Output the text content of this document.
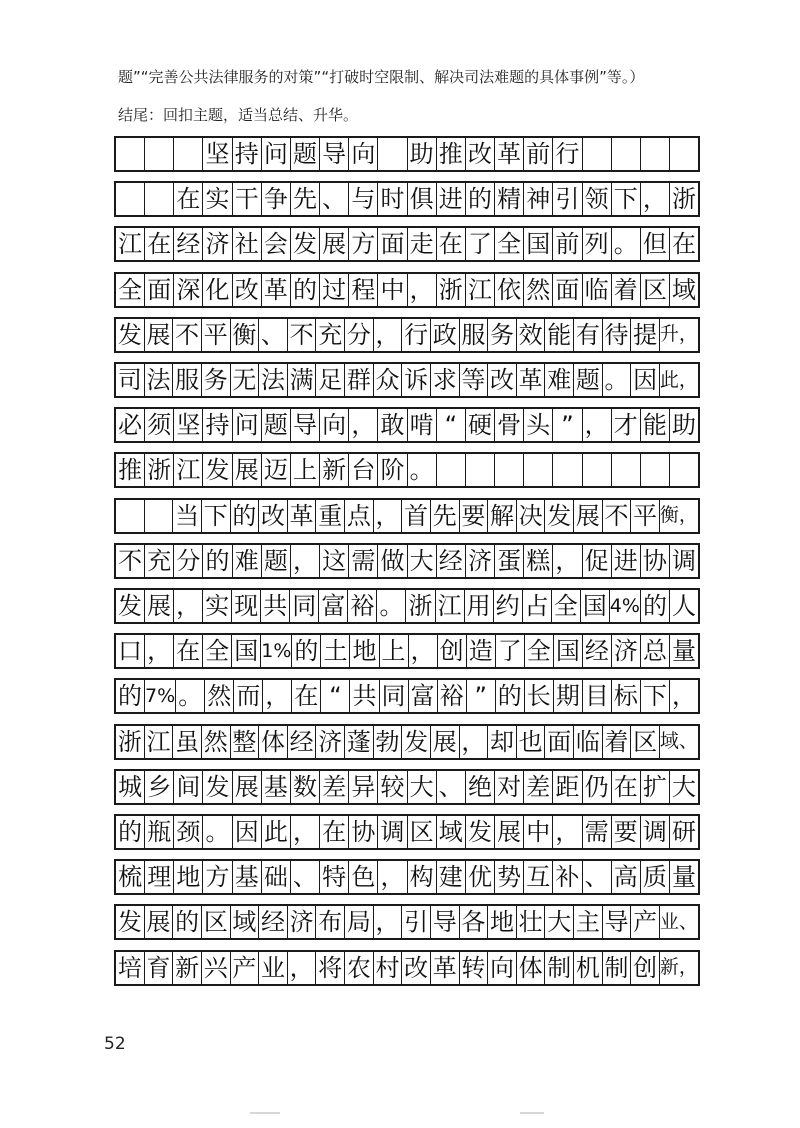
题”“完善公共法律服务的对策”“打破时空限制、解决司法难题的具体事例”等。）
结尾：回扣主题，适当总结、升华。
坚 持 问 题 导 向 助 推 改 革 前 行
在 实 干 争 先 、 与 时 俱 进 的 精 神 引 领 下 ， 浙
江 在 经 济 社 会 发 展 方 面 走 在 了 全 国 前 列 。 但 在
全 面 深 化 改 革 的 过 程 中 ， 浙 江 依 然 面 临 着 区 域
发 展 不 平 衡 、 不 充 分 ， 行 政 服 务 效 能 有 待 提 升，
司 法 服 务 无 法 满 足 群 众 诉 求 等 改 革 难 题 。 因 此，
必 须 坚 持 问 题 导 向 ， 敢 啃 “ 硬 骨 头 ” ， 才 能 助
推 浙 江 发 展 迈 上 新 台 阶 。
当 下 的 改 革 重 点 ， 首 先 要 解 决 发 展 不 平 衡，
不 充 分 的 难 题 ， 这 需 做 大 经 济 蛋 糕 ， 促 进 协 调
发 展 ， 实 现 共 同 富 裕 。 浙 江 用 约 占 全 国 4% 的 人
口 ， 在 全 国 1% 的 土 地 上 ， 创 造 了 全 国 经 济 总 量
的 7% 。 然 而 ， 在 “ 共 同 富 裕 ” 的 长 期 目 标 下 ，
浙 江 虽 然 整 体 经 济 蓬 勃 发 展 ， 却 也 面 临 着 区 域、
城 乡 间 发 展 基 数 差 异 较 大 、 绝 对 差 距 仍 在 扩 大
的 瓶 颈 。 因 此 ， 在 协 调 区 域 发 展 中 ， 需 要 调 研
梳 理 地 方 基 础 、 特 色 ， 构 建 优 势 互 补 、 高 质 量
发 展 的 区 域 经 济 布 局 ， 引 导 各 地 壮 大 主 导 产 业、
培 育 新 兴 产 业 ， 将 农 村 改 革 转 向 体 制 机 制 创 新，
52
